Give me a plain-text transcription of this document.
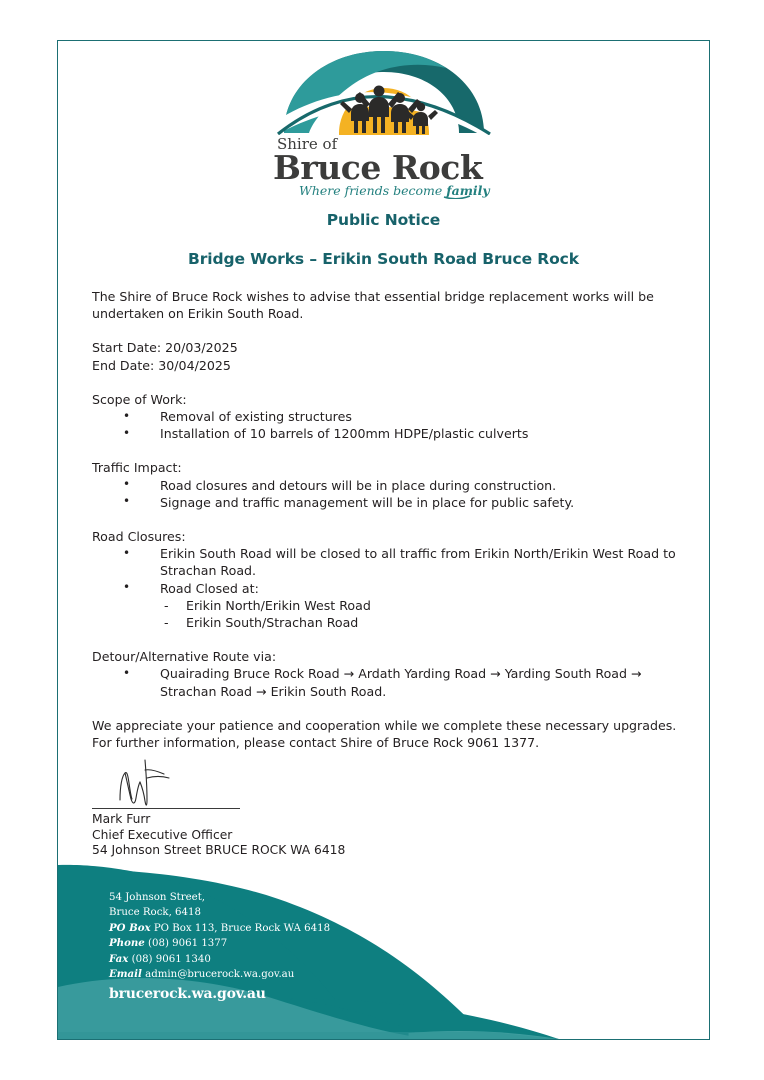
Shire of
Bruce Rock
Where friends become family
Public Notice
Bridge Works – Erikin South Road Bruce Rock

The Shire of Bruce Rock wishes to advise that essential bridge replacement works will be undertaken on Erikin South Road.

Start Date: 20/03/2025
End Date: 30/04/2025
Scope of Work:
• Removal of existing structures
• Installation of 10 barrels of 1200mm HDPE/plastic culverts
Traffic Impact:
• Road closures and detours will be in place during construction.
• Signage and traffic management will be in place for public safety.
Road Closures:
• Erikin South Road will be closed to all traffic from Erikin North/Erikin West Road to Strachan Road.
• Road Closed at:
- Erikin North/Erikin West Road
- Erikin South/Strachan Road
Detour/Alternative Route via:
• Quairading Bruce Rock Road → Ardath Yarding Road → Yarding South Road → Strachan Road → Erikin South Road.
We appreciate your patience and cooperation while we complete these necessary upgrades.
For further information, please contact Shire of Bruce Rock 9061 1377.
Mark Furr
Chief Executive Officer
54 Johnson Street BRUCE ROCK WA 6418
54 Johnson Street,
Bruce Rock, 6418
PO Box PO Box 113, Bruce Rock WA 6418
Phone (08) 9061 1377
Fax (08) 9061 1340
Email admin@brucerock.wa.gov.au
brucerock.wa.gov.au
